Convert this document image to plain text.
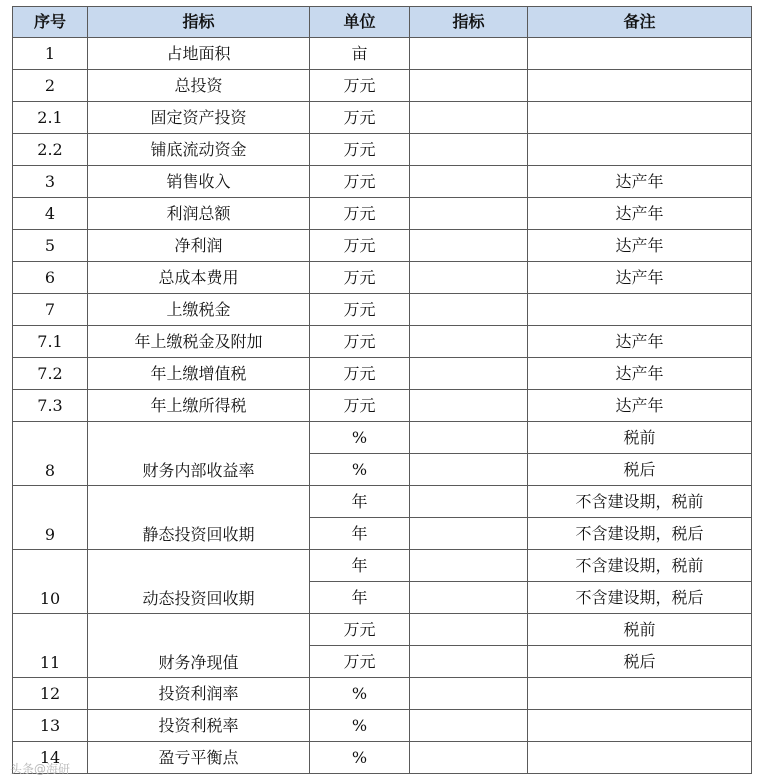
序号	指标	单位	指标	备注
1	占地面积	亩		
2	总投资	万元		
2.1	固定资产投资	万元		
2.2	铺底流动资金	万元		
3	销售收入	万元		达产年
4	利润总额	万元		达产年
5	净利润	万元		达产年
6	总成本费用	万元		达产年
7	上缴税金	万元		
7.1	年上缴税金及附加	万元		达产年
7.2	年上缴增值税	万元		达产年
7.3	年上缴所得税	万元		达产年
8	财务内部收益率	%		税前
		%		税后
9	静态投资回收期	年		不含建设期，税前
		年		不含建设期，税后
10	动态投资回收期	年		不含建设期，税前
		年		不含建设期，税后
11	财务净现值	万元		税前
		万元		税后
12	投资利润率	%		
13	投资利税率	%		
14	盈亏平衡点	%		
头条@海研
